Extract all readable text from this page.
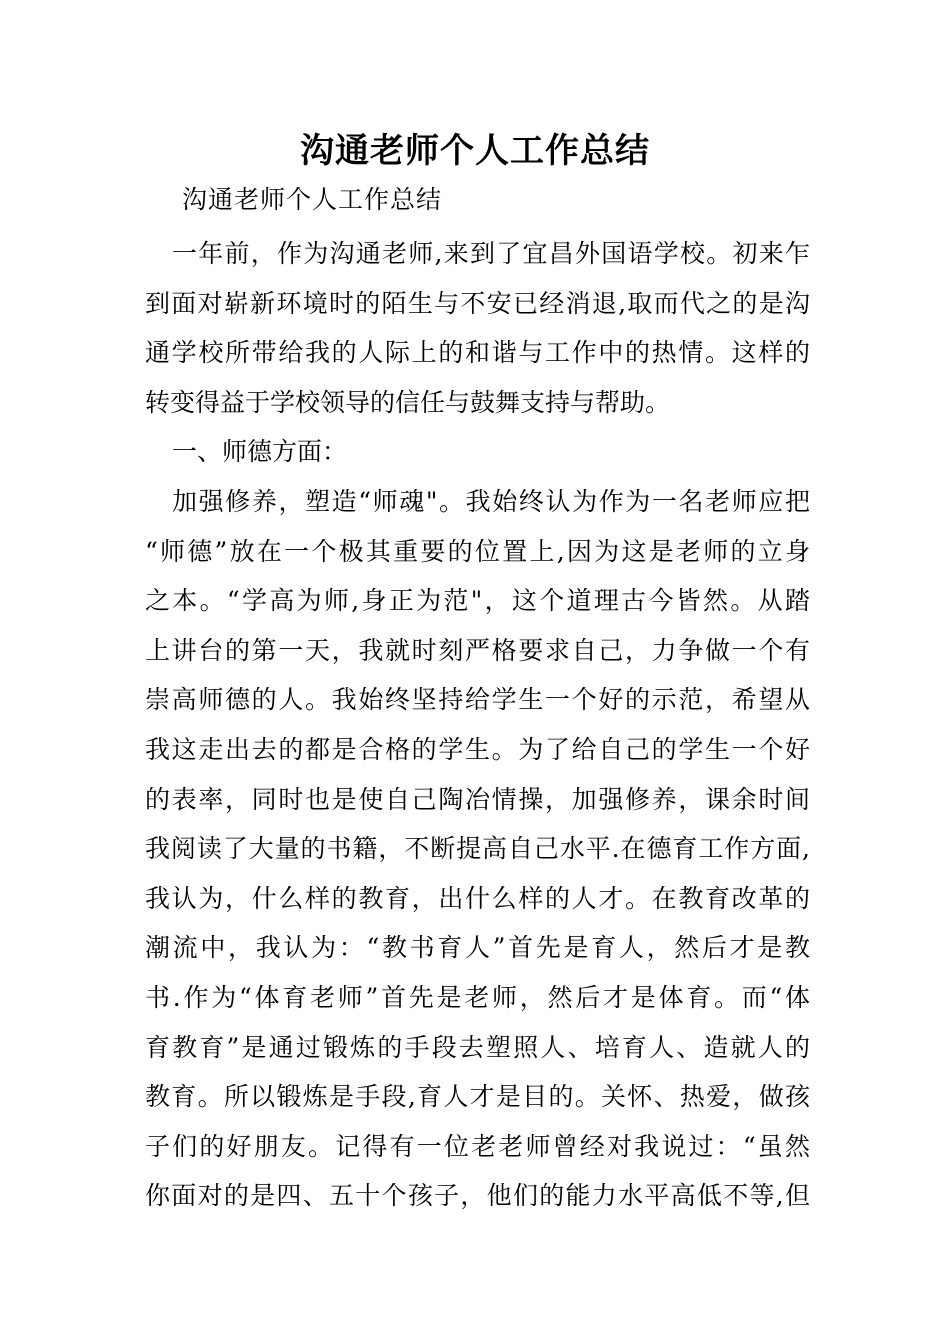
沟通老师个人工作总结
沟通老师个人工作总结
一年前，作为沟通老师,来到了宜昌外国语学校。初来乍
到面对崭新环境时的陌生与不安已经消退,取而代之的是沟
通学校所带给我的人际上的和谐与工作中的热情。这样的
转变得益于学校领导的信任与鼓舞支持与帮助。
一、师德方面：
加强修养，塑造“师魂"。我始终认为作为一名老师应把
“师德”放在一个极其重要的位置上,因为这是老师的立身
之本。“学高为师,身正为范"，这个道理古今皆然。从踏
上讲台的第一天，我就时刻严格要求自己，力争做一个有
崇高师德的人。我始终坚持给学生一个好的示范，希望从
我这走出去的都是合格的学生。为了给自己的学生一个好
的表率，同时也是使自己陶冶情操，加强修养，课余时间
我阅读了大量的书籍，不断提高自己水平.在德育工作方面,
我认为，什么样的教育，出什么样的人才。在教育改革的
潮流中，我认为：“教书育人”首先是育人，然后才是教
书.作为“体育老师”首先是老师，然后才是体育。而“体
育教育”是通过锻炼的手段去塑照人、培育人、造就人的
教育。所以锻炼是手段,育人才是目的。关怀、热爱，做孩
子们的好朋友。记得有一位老老师曾经对我说过：“虽然
你面对的是四、五十个孩子，他们的能力水平高低不等,但
